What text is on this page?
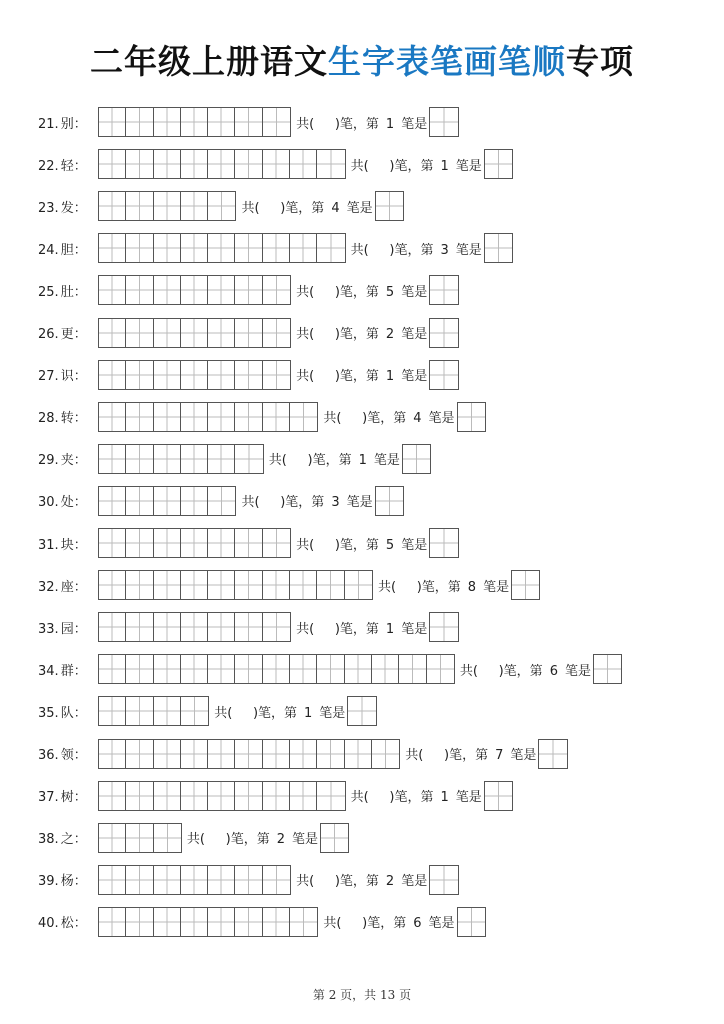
二年级上册语文生字表笔画笔顺专项
21. 别：	共( )笔，第 1 笔是
22. 轻：	共( )笔，第 1 笔是
23. 发：	共( )笔，第 4 笔是
24. 胆：	共( )笔，第 3 笔是
25. 肚：	共( )笔，第 5 笔是
26. 更：	共( )笔，第 2 笔是
27. 识：	共( )笔，第 1 笔是
28. 转：	共( )笔，第 4 笔是
29. 夹：	共( )笔，第 1 笔是
30. 处：	共( )笔，第 3 笔是
31. 块：	共( )笔，第 5 笔是
32. 座：	共( )笔，第 8 笔是
33. 园：	共( )笔，第 1 笔是
34. 群：	共( )笔，第 6 笔是
35. 队：	共( )笔，第 1 笔是
36. 领：	共( )笔，第 7 笔是
37. 树：	共( )笔，第 1 笔是
38. 之：	共( )笔，第 2 笔是
39. 杨：	共( )笔，第 2 笔是
40. 松：	共( )笔，第 6 笔是
第 2 页，共 13 页
